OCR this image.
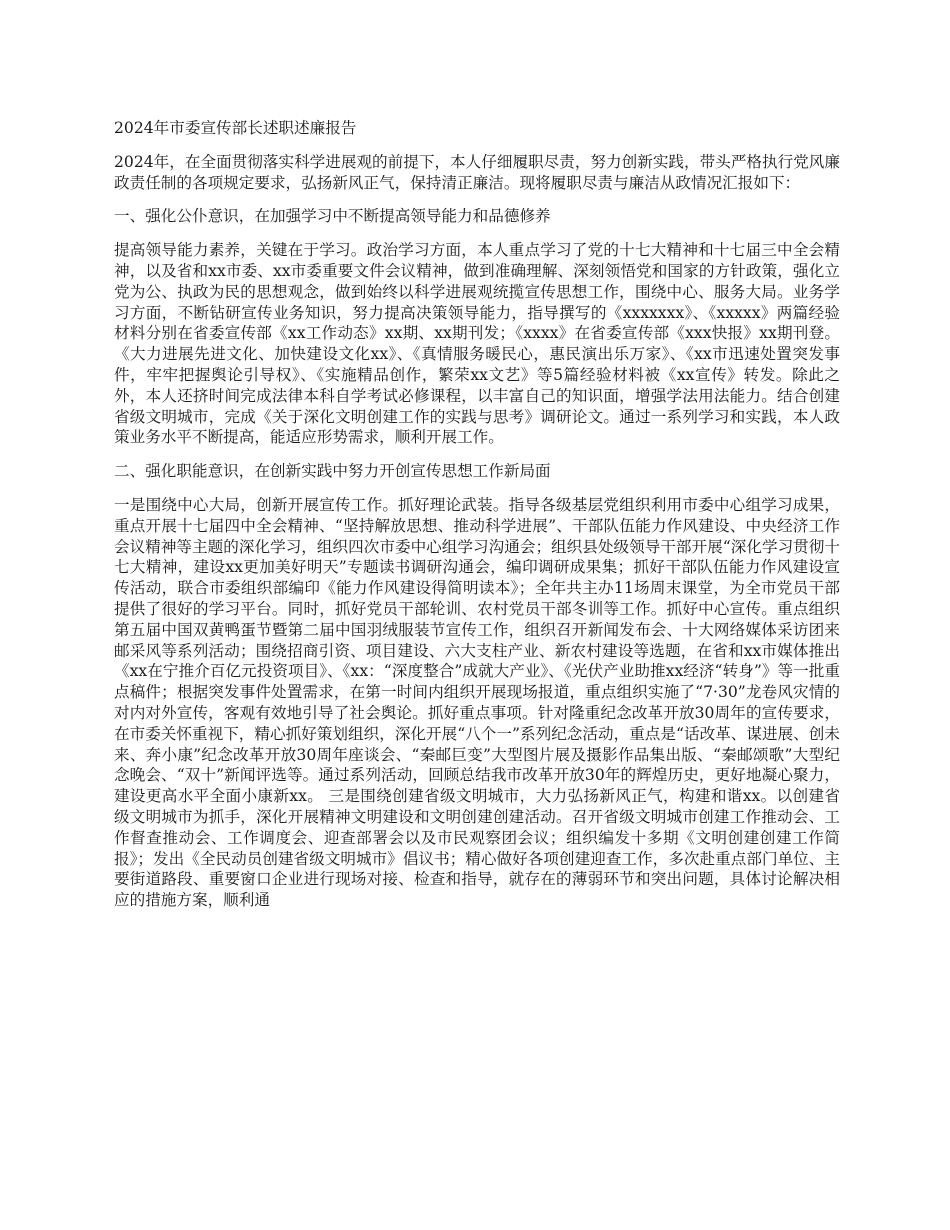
2024年市委宣传部长述职述廉报告

2024年，在全面贯彻落实科学进展观的前提下，本人仔细履职尽责，努力创新实践，带头严格执行党风廉政责任制的各项规定要求，弘扬新风正气，保持清正廉洁。现将履职尽责与廉洁从政情况汇报如下：

一、强化公仆意识，在加强学习中不断提高领导能力和品德修养

提高领导能力素养，关键在于学习。政治学习方面，本人重点学习了党的十七大精神和十七届三中全会精神，以及省和xx市委、xx市委重要文件会议精神，做到准确理解、深刻领悟党和国家的方针政策，强化立党为公、执政为民的思想观念，做到始终以科学进展观统揽宣传思想工作，围绕中心、服务大局。业务学习方面，不断钻研宣传业务知识，努力提高决策领导能力，指导撰写的《xxxxxxx》、《xxxxx》两篇经验材料分别在省委宣传部《xx工作动态》xx期、xx期刊发；《xxxx》在省委宣传部《xxx快报》xx期刊登。《大力进展先进文化、加快建设文化xx》、《真情服务暖民心，惠民演出乐万家》、《xx市迅速处置突发事件，牢牢把握舆论引导权》、《实施精品创作，繁荣xx文艺》等5篇经验材料被《xx宣传》转发。除此之外，本人还挤时间完成法律本科自学考试必修课程，以丰富自己的知识面，增强学法用法能力。结合创建省级文明城市，完成《关于深化文明创建工作的实践与思考》调研论文。通过一系列学习和实践，本人政策业务水平不断提高，能适应形势需求，顺利开展工作。

二、强化职能意识，在创新实践中努力开创宣传思想工作新局面

一是围绕中心大局，创新开展宣传工作。抓好理论武装。指导各级基层党组织利用市委中心组学习成果，重点开展十七届四中全会精神、“坚持解放思想、推动科学进展”、干部队伍能力作风建设、中央经济工作会议精神等主题的深化学习，组织四次市委中心组学习沟通会；组织县处级领导干部开展“深化学习贯彻十七大精神，建设xx更加美好明天”专题读书调研沟通会，编印调研成果集；抓好干部队伍能力作风建设宣传活动，联合市委组织部编印《能力作风建设得简明读本》；全年共主办11场周末课堂，为全市党员干部提供了很好的学习平台。同时，抓好党员干部轮训、农村党员干部冬训等工作。抓好中心宣传。重点组织第五届中国双黄鸭蛋节暨第二届中国羽绒服装节宣传工作，组织召开新闻发布会、十大网络媒体采访团来邮采风等系列活动；围绕招商引资、项目建设、六大支柱产业、新农村建设等选题，在省和xx市媒体推出《xx在宁推介百亿元投资项目》、《xx：“深度整合”成就大产业》、《光伏产业助推xx经济“转身”》等一批重点稿件；根据突发事件处置需求，在第一时间内组织开展现场报道，重点组织实施了“7·30”龙卷风灾情的对内对外宣传，客观有效地引导了社会舆论。抓好重点事项。针对隆重纪念改革开放30周年的宣传要求，在市委关怀重视下，精心抓好策划组织，深化开展“八个一”系列纪念活动，重点是“话改革、谋进展、创未来、奔小康”纪念改革开放30周年座谈会、“秦邮巨变”大型图片展及摄影作品集出版、“秦邮颂歌”大型纪念晚会、“双十”新闻评选等。通过系列活动，回顾总结我市改革开放30年的辉煌历史，更好地凝心聚力，建设更高水平全面小康新xx。 三是围绕创建省级文明城市，大力弘扬新风正气，构建和谐xx。以创建省级文明城市为抓手，深化开展精神文明建设和文明创建创建活动。召开省级文明城市创建工作推动会、工作督查推动会、工作调度会、迎查部署会以及市民观察团会议；组织编发十多期《文明创建创建工作简报》；发出《全民动员创建省级文明城市》倡议书；精心做好各项创建迎查工作，多次赴重点部门单位、主要街道路段、重要窗口企业进行现场对接、检查和指导，就存在的薄弱环节和突出问题，具体讨论解决相应的措施方案，顺利通
